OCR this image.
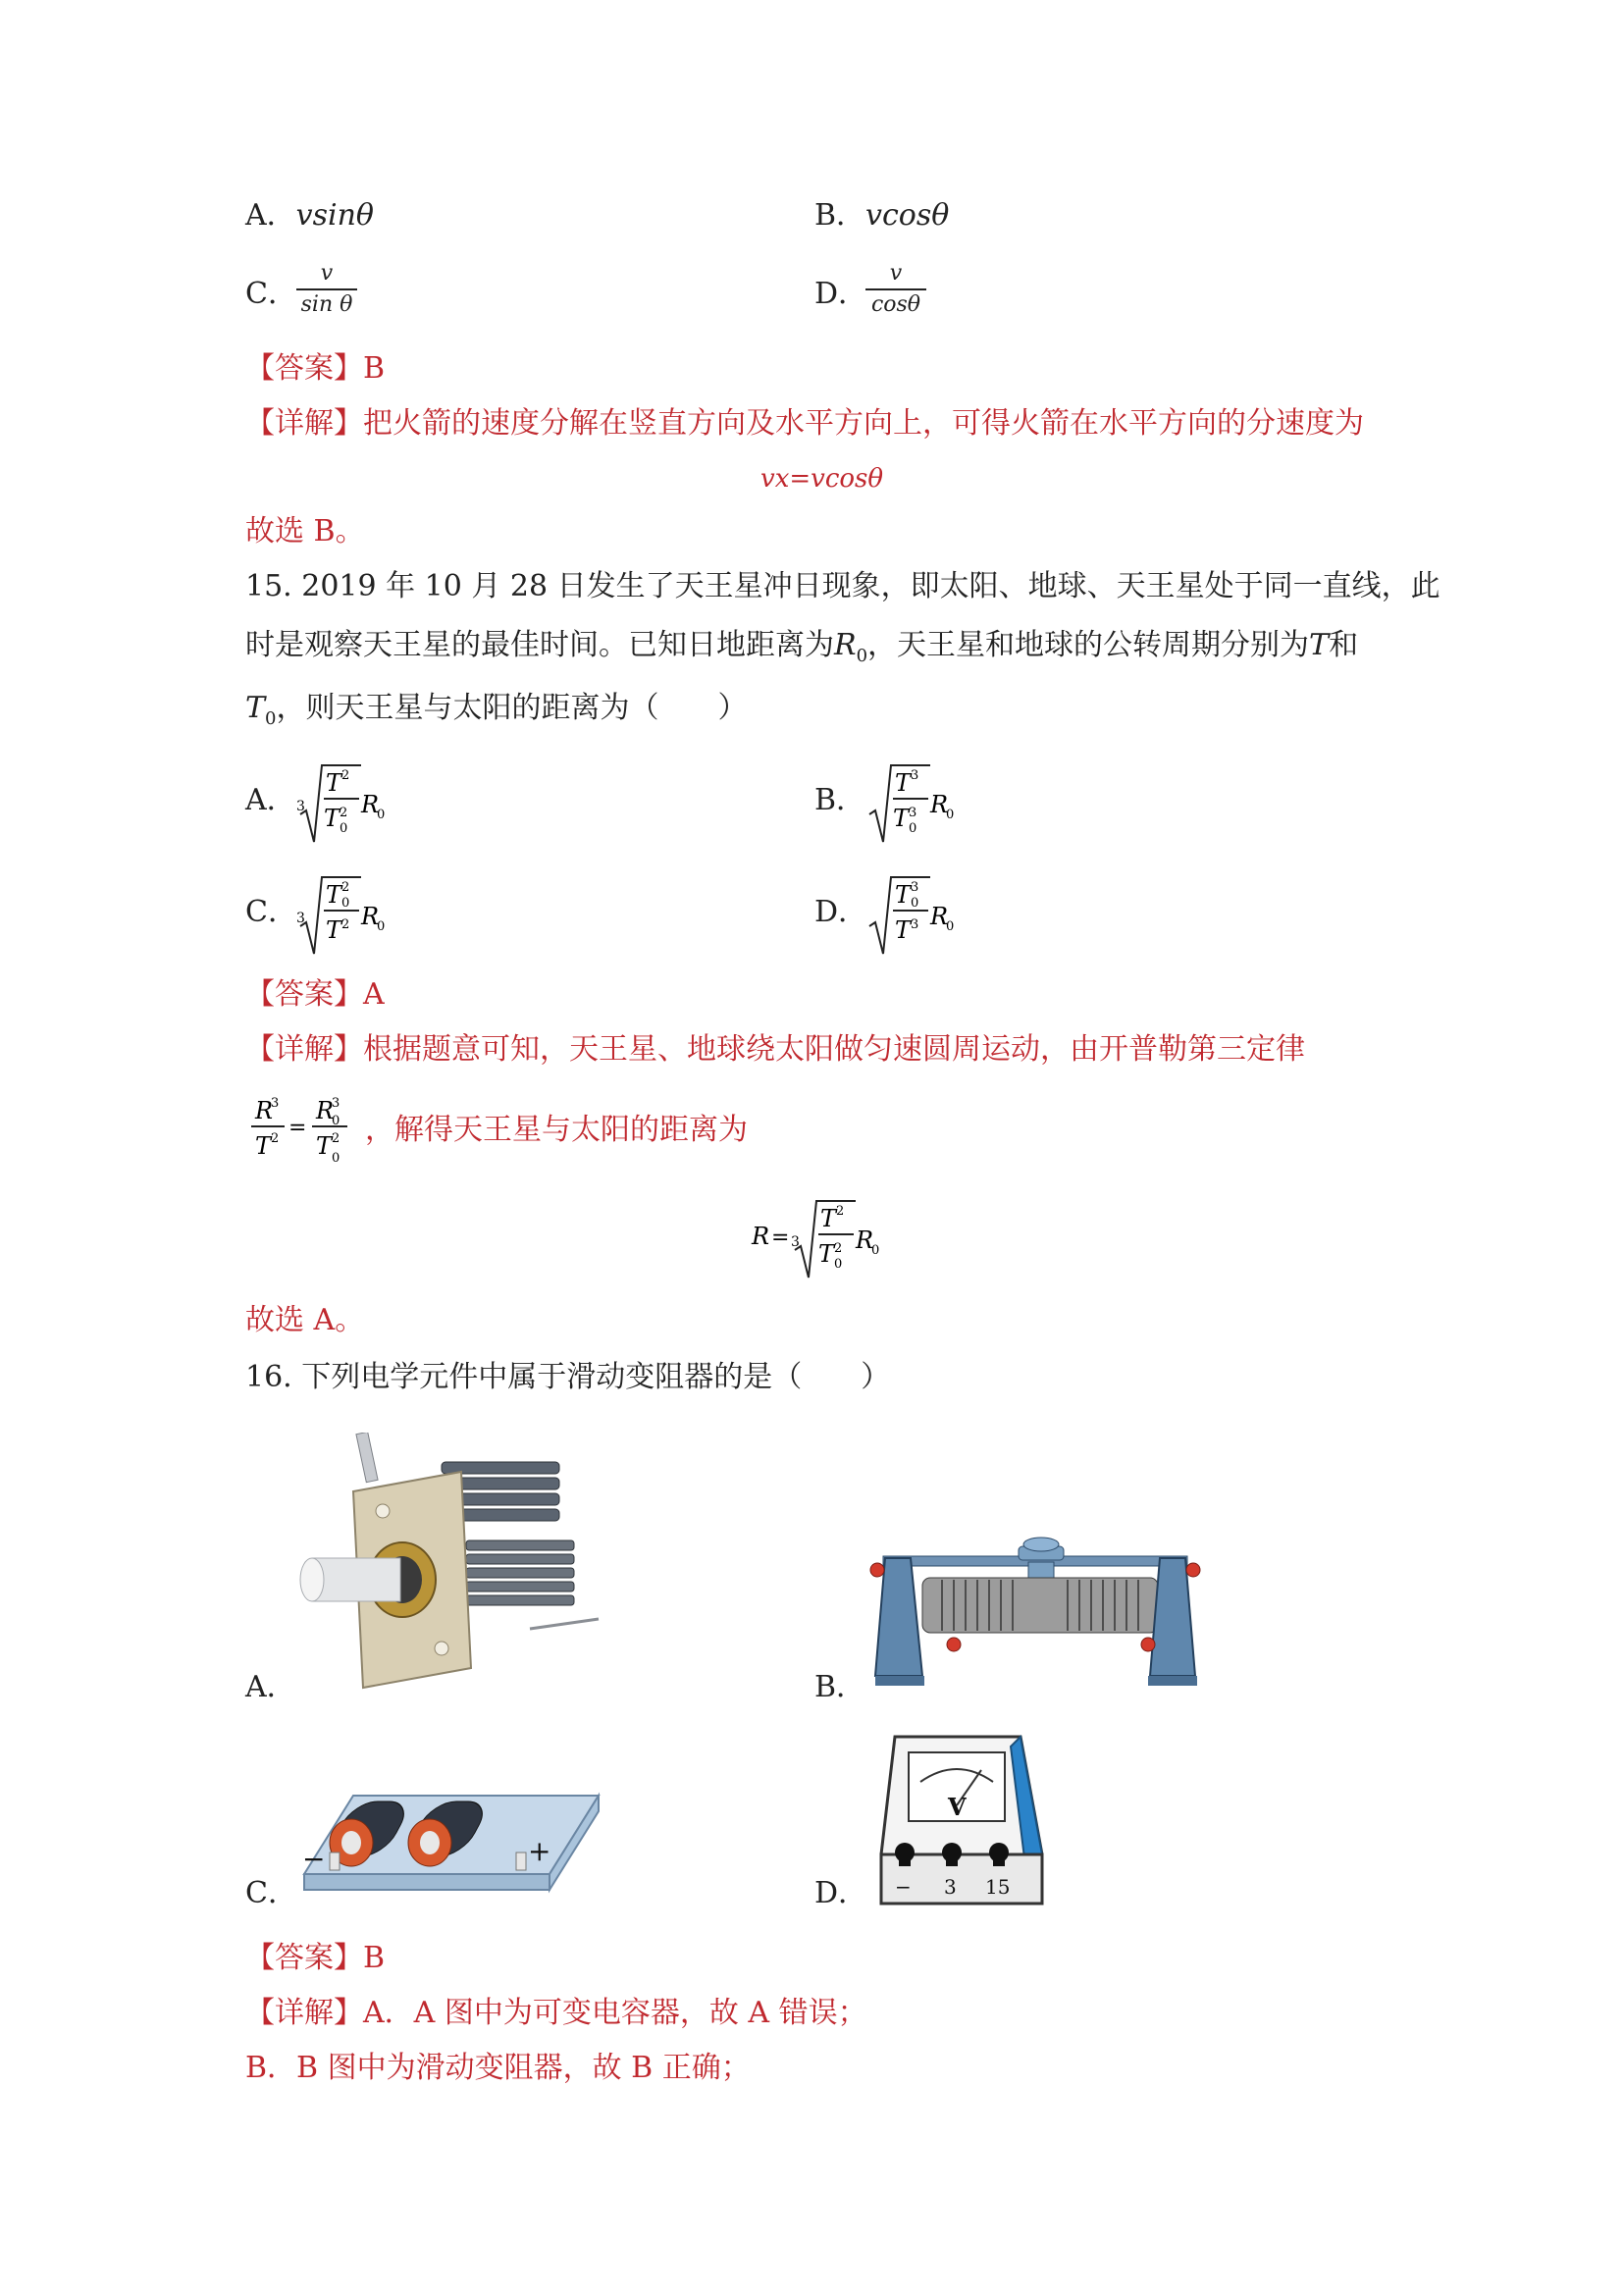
A．vsinθ	B．vcosθ
C．
v
sin θ	D．
v
cosθ
【答案】B
【详解】把火箭的速度分解在竖直方向及水平方向上，可得火箭在水平方向的分速度为
vx=vcosθ
故选 B。
15. 2019 年 10 月 28 日发生了天王星冲日现象，即太阳、地球、天王星处于同一直线，此
时是观察天王星的最佳时间。已知日地距离为$R_0$，天王星和地球的公转周期分别为T和
$T_0$，则天王星与太阳的距离为（　　）
A． 3
T 2
T 2
0
R
0	B． T 3
T 3
0
R
0
C． 3
T 2
0
T 2 R
0	D． T 3
0
T 3 R
0
【答案】A
【详解】根据题意可知，天王星、地球绕太阳做匀速圆周运动，由开普勒第三定律
R
3
T 2 =
R
3
0
T 2
0
，解得天王星与太阳的距离为
R = 3
T 2
T 2
0
R
0
故选 A。
16. 下列电学元件中属于滑动变阻器的是（　　）
A．	B．
−	+
C．
V
− 3 15
D．
【答案】B
【详解】A．A 图中为可变电容器，故 A 错误；
B．B 图中为滑动变阻器，故 B 正确；
